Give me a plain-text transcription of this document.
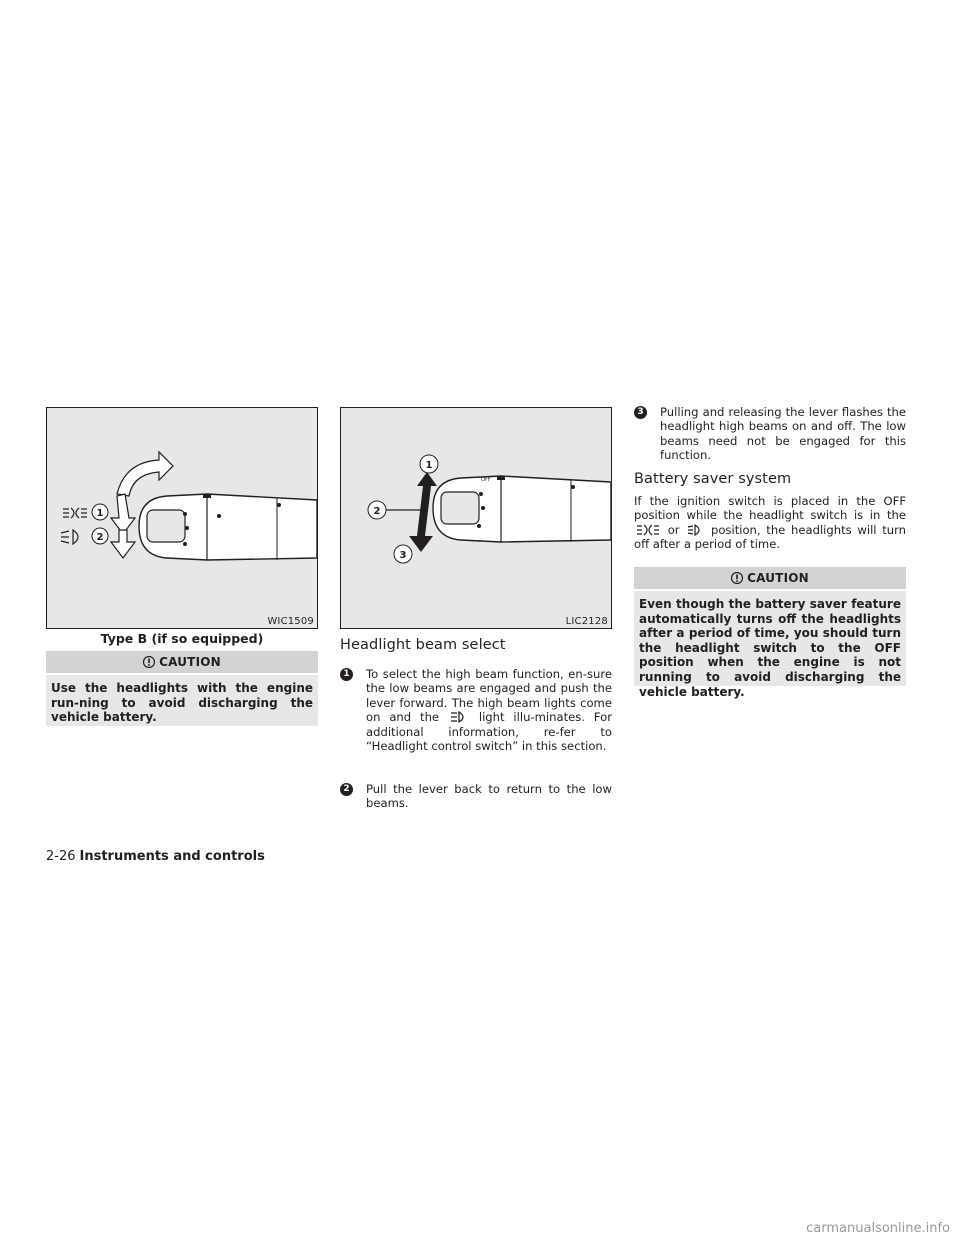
1
2
WIC1509
Type B (if so equipped)
CAUTION
Use the headlights with the engine run-ning to avoid discharging the vehicle battery.
OFF
1
2
3
LIC2128
Headlight beam select
1 To select the high beam function, en-sure the low beams are engaged and push the lever forward. The high beam lights come on and the	light illu-minates. For additional information, re-fer to “Headlight control switch” in this section.
2 Pull the lever back to return to the low beams.
3 Pulling and releasing the lever flashes the headlight high beams on and off. The low beams need not be engaged for this function.
Battery saver system
If the ignition switch is placed in the OFF position while the headlight switch is in the  or	position, the headlights will turn off after a period of time.
CAUTION
Even though the battery saver feature automatically turns off the headlights after a period of time, you should turn the headlight switch to the OFF position when the engine is not running to avoid discharging the vehicle battery.
2-26 Instruments and controls
carmanualsonline.info
